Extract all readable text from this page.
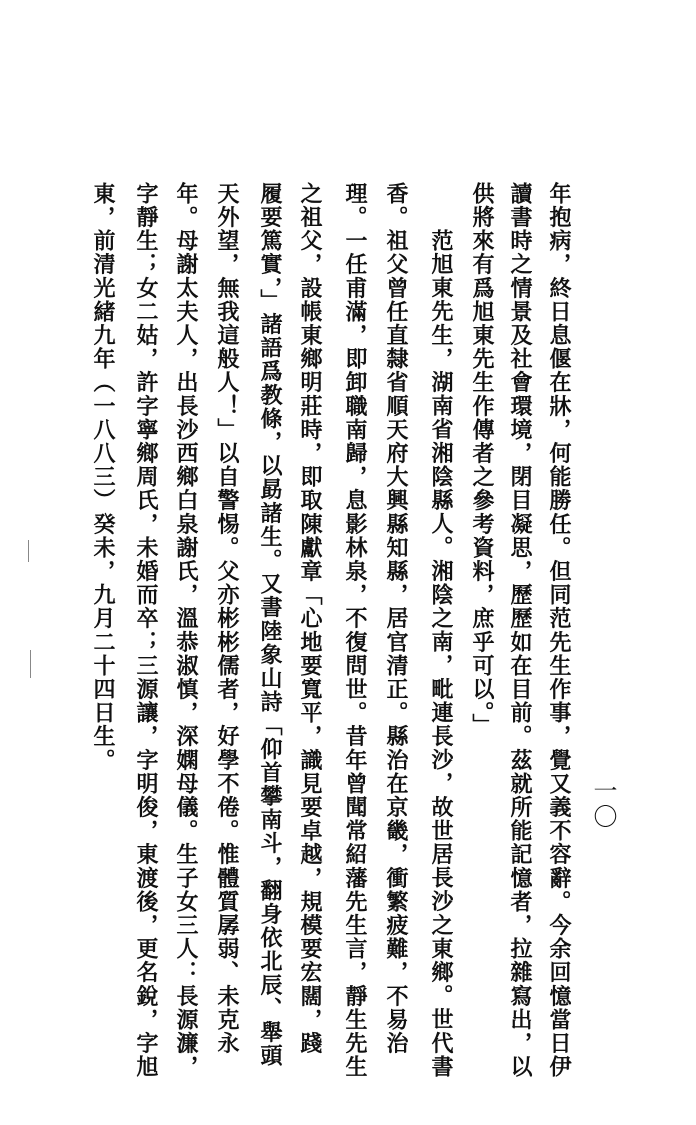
年抱病，終日息偃在牀，何能勝任。但同范先生作事，覺又義不容辭。今余回憶當日伊
讀書時之情景及社會環境，閉目凝思，歷歷如在目前。茲就所能記憶者，拉雜寫出，以
供將來有爲旭東先生作傳者之參考資料，庶乎可以。」
范旭東先生，湖南省湘陰縣人。湘陰之南，毗連長沙，故世居長沙之東鄉。世代書
香。祖父曾任直隸省順天府大興縣知縣，居官清正。縣治在京畿，衝繁疲難，不易治
理。一任甫滿，即卸職南歸，息影林泉，不復問世。昔年曾聞常紹藩先生言，靜生先生
之祖父，設帳東鄉明莊時，即取陳獻章「心地要寬平，識見要卓越，規模要宏闊，踐
履要篤實，」諸語爲教條，以勗諸生。又書陸象山詩「仰首攀南斗，翻身依北辰、舉頭
天外望，無我這般人！」以自警惕。父亦彬彬儒者，好學不倦。惟體質孱弱、未克永
年。母謝太夫人，出長沙西鄉白泉謝氏，溫恭淑慎，深嫻母儀。生子女三人：長源濂，
字靜生；女二姑，許字寧鄉周氏，未婚而卒；三源讓，字明俊，東渡後，更名銳，字旭
東，前清光緒九年（一八八三）癸未，九月二十四日生。
一〇
